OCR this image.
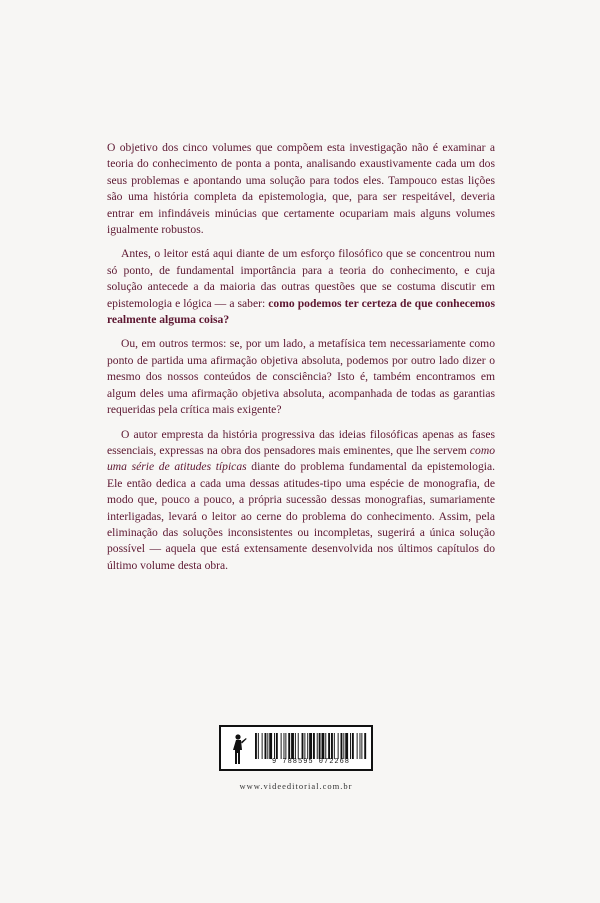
O objetivo dos cinco volumes que compõem esta investigação não é examinar a teoria do conhecimento de ponta a ponta, analisando exaustivamente cada um dos seus problemas e apontando uma solução para todos eles. Tampouco estas lições são uma história completa da epistemologia, que, para ser respeitável, deveria entrar em infindáveis minúcias que certamente ocupariam mais alguns volumes igualmente robustos.

Antes, o leitor está aqui diante de um esforço filosófico que se concentrou num só ponto, de fundamental importância para a teoria do conhecimento, e cuja solução antecede a da maioria das outras questões que se costuma discutir em epistemologia e lógica — a saber: como podemos ter certeza de que conhecemos realmente alguma coisa?

Ou, em outros termos: se, por um lado, a metafísica tem necessariamente como ponto de partida uma afirmação objetiva absoluta, podemos por outro lado dizer o mesmo dos nossos conteúdos de consciência? Isto é, também encontramos em algum deles uma afirmação objetiva absoluta, acompanhada de todas as garantias requeridas pela crítica mais exigente?

O autor empresta da história progressiva das ideias filosóficas apenas as fases essenciais, expressas na obra dos pensadores mais eminentes, que lhe servem como uma série de atitudes típicas diante do problema fundamental da epistemologia. Ele então dedica a cada uma dessas atitudes-tipo uma espécie de monografia, de modo que, pouco a pouco, a própria sucessão dessas monografias, sumariamente interligadas, levará o leitor ao cerne do problema do conhecimento. Assim, pela eliminação das soluções inconsistentes ou incompletas, sugerirá a única solução possível — aquela que está extensamente desenvolvida nos últimos capítulos do último volume desta obra.

9 788595 072268
www.videeditorial.com.br
